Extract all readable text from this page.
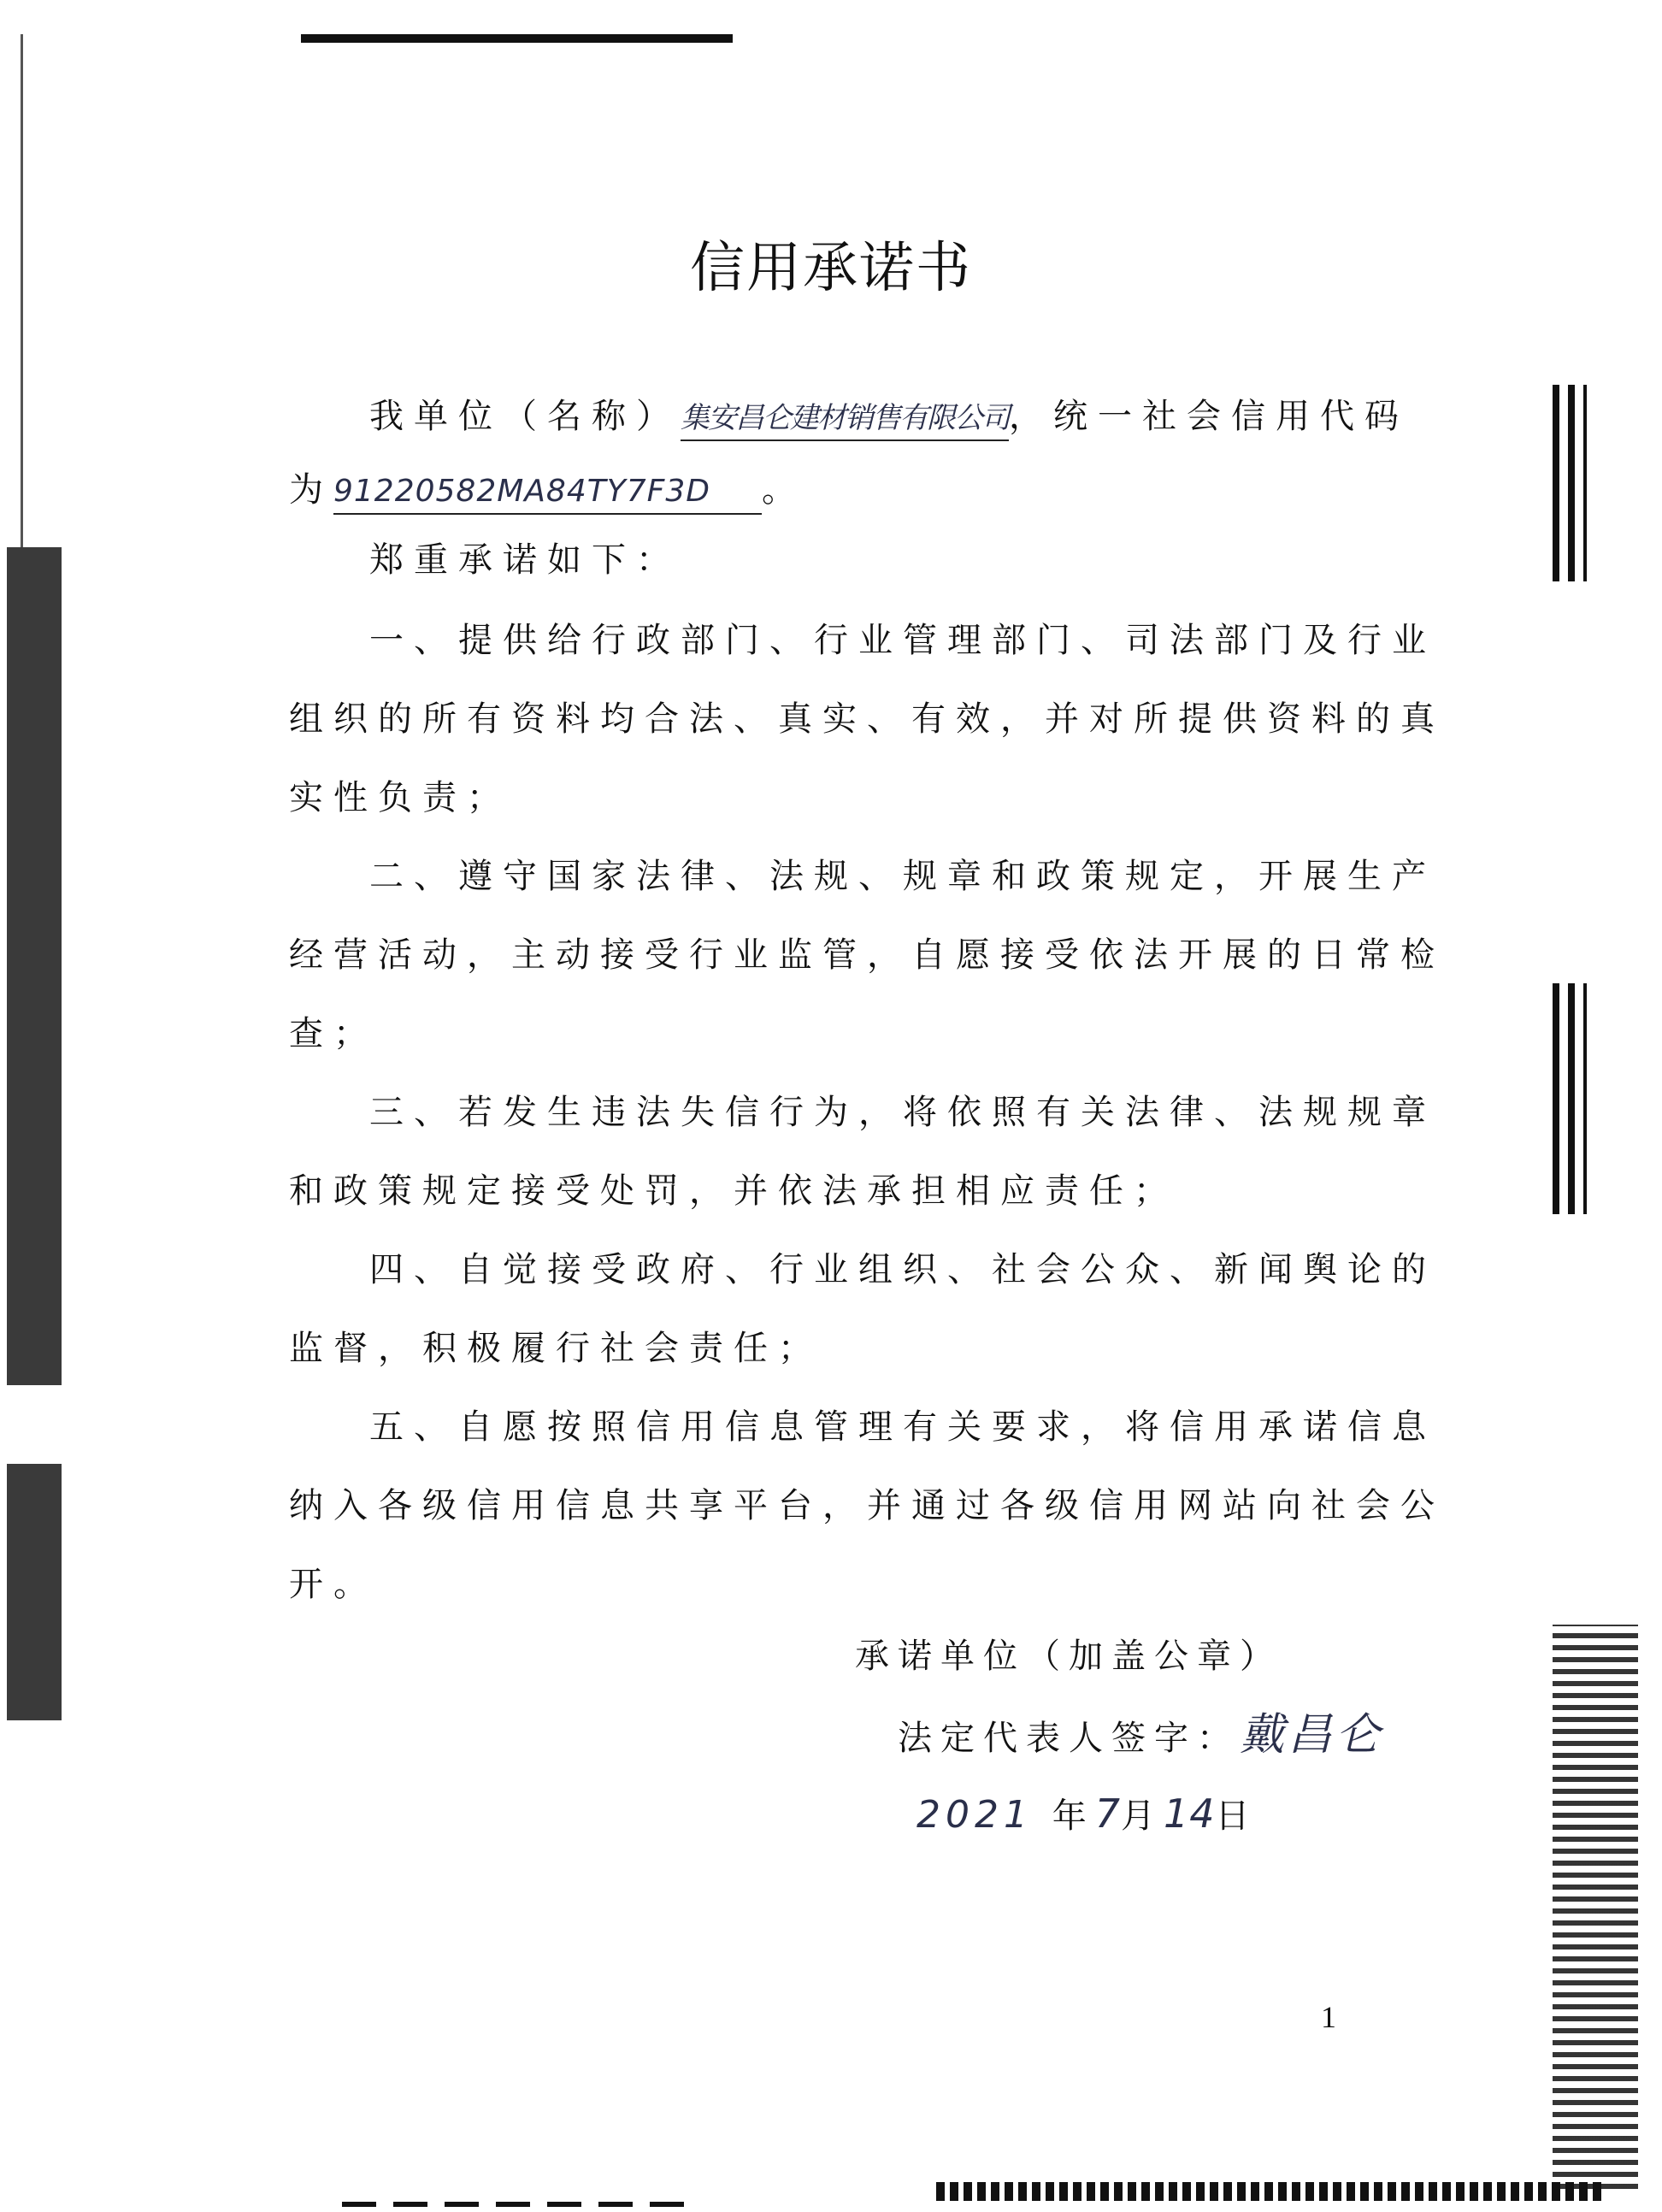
信用承诺书
我单位（名称）集安昌仑建材销售有限公司，统一社会信用代码
为91220582MA84TY7F3D 。
郑重承诺如下：
一、提供给行政部门、行业管理部门、司法部门及行业
组织的所有资料均合法、真实、有效，并对所提供资料的真
实性负责；
二、遵守国家法律、法规、规章和政策规定，开展生产
经营活动，主动接受行业监管，自愿接受依法开展的日常检
查；
三、若发生违法失信行为，将依照有关法律、法规规章
和政策规定接受处罚，并依法承担相应责任；
四、自觉接受政府、行业组织、社会公众、新闻舆论的
监督，积极履行社会责任；
五、自愿按照信用信息管理有关要求，将信用承诺信息
纳入各级信用信息共享平台，并通过各级信用网站向社会公
开。
承诺单位（加盖公章）
法定代表人签字：戴昌仑
2021 年7月14日
1
